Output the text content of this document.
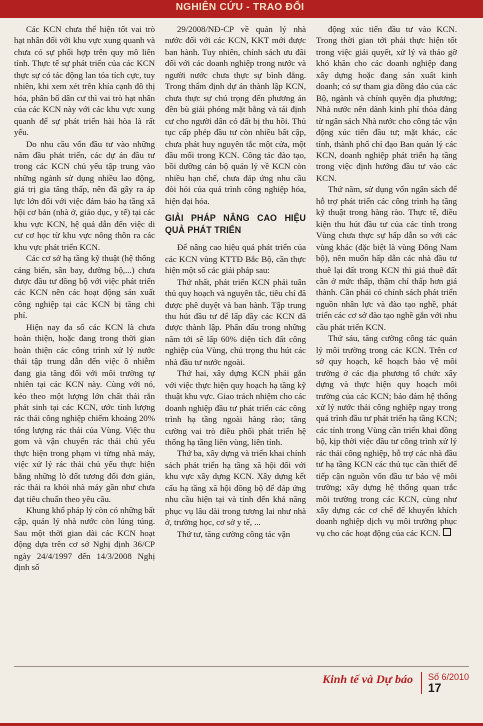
NGHIÊN CỨU - TRAO ĐỔI

Các KCN chưa thể hiện tốt vai trò hạt nhân đối với khu vực xung quanh và chưa có sự phối hợp trên quy mô liên tỉnh. Thực tế sự phát triển của các KCN thực sự có tác động lan tỏa tích cực, tuy nhiên, khi xem xét trên khía cạnh đô thị hóa, phân bố dân cư thì vai trò hạt nhân của các KCN này với các khu vực xung quanh để sự phát triển hài hòa là rất yếu.

Do nhu cầu vốn đầu tư vào những năm đầu phát triển, các dự án đầu tư trong các KCN chủ yếu tập trung vào những ngành sử dụng nhiều lao động, giá trị gia tăng thấp, nên đã gây ra áp lực lớn đối với việc đảm bảo hạ tầng xã hội cơ bản (nhà ở, giáo dục, y tế) tại các khu vực KCN, hệ quả dẫn đến việc di cư cơ học từ khu vực nông thôn ra các khu vực phát triển KCN.

Các cơ sở hạ tầng kỹ thuật (hệ thống cảng biển, sân bay, đường bộ,...) chưa được đầu tư đồng bộ với việc phát triển các KCN nên các hoạt động sản xuất công nghiệp tại các KCN bị tăng chi phí.

Hiện nay đa số các KCN là chưa hoàn thiện, hoặc đang trong thời gian hoàn thiện các công trình xử lý nước thải tập trung dẫn đến việc ô nhiễm đang gia tăng đối với môi trường tự nhiên tại các KCN này. Cùng với nó, kéo theo một lượng lớn chất thải rắn phát sinh tại các KCN, ước tính lượng rác thải công nghiệp chiếm khoảng 20% tổng lượng rác thải của Vùng. Việc thu gom và vận chuyển rác thải chủ yếu thực hiện trong phạm vi từng nhà máy, việc xử lý rác thải chủ yếu thực hiện bằng những lò đốt tương đối đơn giản, rác thải ra khỏi nhà máy gần như chưa đạt tiêu chuẩn theo yêu cầu.

Khung khổ pháp lý còn có những bất cập, quản lý nhà nước còn lúng túng. Sau một thời gian dài các KCN hoạt động dựa trên cơ sở Nghị định 36/CP ngày 24/4/1997 đến 14/3/2008 Nghị định số

29/2008/NĐ-CP về quản lý nhà nước đối với các KCN, KKT mới được ban hành. Tuy nhiên, chính sách ưu đãi đối với các doanh nghiệp trong nước và người nước chưa thực sự bình đẳng. Trong thẩm định dự án thành lập KCN, chưa thực sự chú trọng đến phương án đền bù giải phóng mặt bằng và tái định cư cho người dân có đất bị thu hồi. Thủ tục cấp phép đầu tư còn nhiều bất cập, chưa phát huy nguyên tắc một cửa, một đầu mối trong KCN. Công tác đào tạo, bồi dưỡng cán bộ quản lý về KCN còn nhiều hạn chế, chưa đáp ứng nhu cầu đòi hỏi của quá trình công nghiệp hóa, hiện đại hóa.

GIẢI PHÁP NÂNG CAO HIỆU QUẢ PHÁT TRIỂN

Để nâng cao hiệu quả phát triển của các KCN vùng KTTĐ Bắc Bộ, cần thực hiện một số các giải pháp sau:

Thứ nhất, phát triển KCN phải tuân thủ quy hoạch và nguyên tắc, tiêu chí đã được phê duyệt và ban hành. Tập trung thu hút đầu tư để lấp đầy các KCN đã được thành lập. Phấn đấu trong những năm tới sẽ lấp 60% diện tích đất công nghiệp của Vùng, chú trọng thu hút các nhà đầu tư nước ngoài.

Thứ hai, xây dựng KCN phải gắn với việc thực hiện quy hoạch hạ tầng kỹ thuật khu vực. Giao trách nhiệm cho các doanh nghiệp đầu tư phát triển các công trình hạ tầng ngoài hàng rào; tăng cường vai trò điều phối phát triển hệ thống hạ tầng liên vùng, liên tỉnh.

Thứ ba, xây dựng và triển khai chính sách phát triển hạ tầng xã hội đối với khu vực xây dựng KCN. Xây dựng kết cấu hạ tầng xã hội đồng bộ để đáp ứng nhu cầu hiện tại và tính đến khả năng phục vụ lâu dài trong tương lai như nhà ở, trường học, cơ sở y tế, ...

Thứ tư, tăng cường công tác vận

động xúc tiến đầu tư vào KCN. Trong thời gian tới phải thực hiện tốt trong việc giải quyết, xử lý và tháo gỡ khó khăn cho các doanh nghiệp đang xây dựng hoặc đang sản xuất kinh doanh; có sự tham gia đồng đảo của các Bộ, ngành và chính quyền địa phương; Nhà nước nên dành kinh phí thỏa đáng từ ngân sách Nhà nước cho công tác vận động xúc tiến đầu tư; mặt khác, các tỉnh, thành phố chỉ đạo Ban quản lý các KCN, doanh nghiệp phát triển hạ tầng trong việc định hướng đầu tư vào các KCN.

Thứ năm, sử dụng vốn ngân sách để hỗ trợ phát triển các công trình hạ tầng kỹ thuật trong hàng rào. Thực tế, điều kiện thu hút đầu tư của các tỉnh trong Vùng chưa thực sự hấp dẫn so với các vùng khác (đặc biệt là vùng Đông Nam bộ), nên muốn hấp dẫn các nhà đầu tư thuê lại đất trong KCN thì giá thuê đất cần ở mức thấp, thậm chí thấp hơn giá thành. Cần phải có chính sách phát triển nguồn nhân lực và đào tạo nghề, phát triển các cơ sở đào tạo nghề gắn với nhu cầu phát triển KCN.

Thứ sáu, tăng cường công tác quản lý môi trường trong các KCN. Trên cơ sở quy hoạch, kế hoạch bảo vệ môi trường ở các địa phương tổ chức xây dựng và thực hiện quy hoạch môi trường của các KCN; bảo đảm hệ thống xử lý nước thải công nghiệp ngay trong quá trình đầu tư phát triển hạ tầng KCN; các tỉnh trong Vùng cần triển khai đồng bộ, kịp thời việc đầu tư công trình xử lý rác thải công nghiệp, hỗ trợ các nhà đầu tư hạ tầng KCN các thủ tục cần thiết để tiếp cận nguồn vốn đầu tư bảo vệ môi trường; xây dựng hệ thống quan trắc môi trường trong các KCN, cùng như xây dựng các cơ chế để khuyến khích doanh nghiệp dịch vụ môi trường phục vụ cho các hoạt động của các KCN.

Kinh tế và Dự báo Số 6/2010
17
